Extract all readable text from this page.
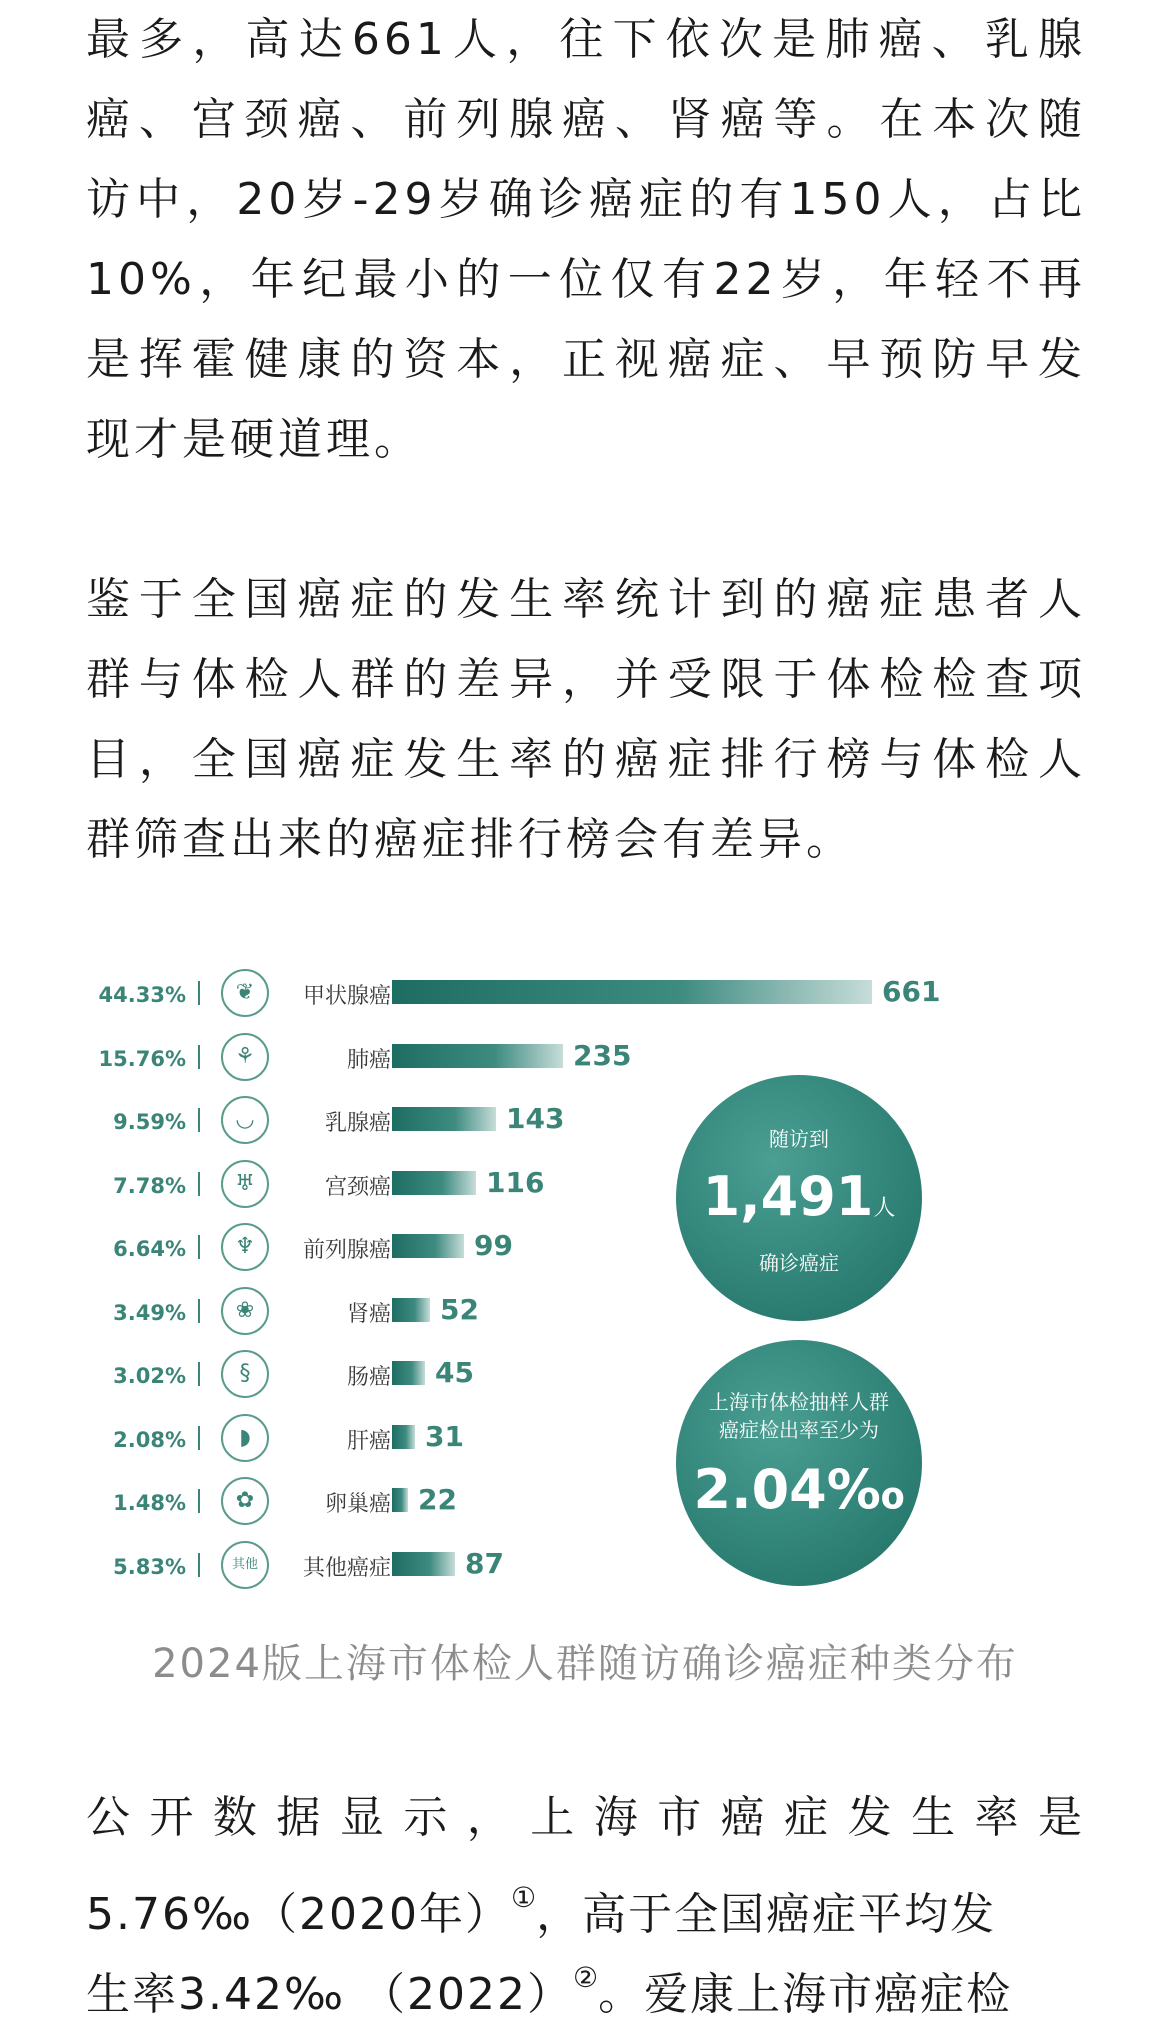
最多，高达661人，往下依次是肺癌、乳腺
癌、宫颈癌、前列腺癌、肾癌等。在本次随
访中，20岁-29岁确诊癌症的有150人，占比
10%，年纪最小的一位仅有22岁，年轻不再
是挥霍健康的资本，正视癌症、早预防早发
现才是硬道理。
鉴于全国癌症的发生率统计到的癌症患者人
群与体检人群的差异，并受限于体检检查项
目，全国癌症发生率的癌症排行榜与体检人
群筛查出来的癌症排行榜会有差异。
随访到
1,491人
确诊癌症
上海市体检抽样人群
癌症检出率至少为
2.04‰
44.33%	❦	甲状腺癌	661
15.76%	⚘	肺癌	235
9.59%	◡	乳腺癌	143
7.78%	♅	宫颈癌	116
6.64%	♆	前列腺癌	99
3.49%	❀	肾癌 52
3.02%	§	肠癌 45
2.08%	◗	肝癌 31
1.48%	✿	卵巢癌 22
5.83%	其他	其他癌症	87
2024版上海市体检人群随访确诊癌症种类分布
公开数据显示，上海市癌症发生率是
5.76‰（2020年）①，高于全国癌症平均发
生率3.42‰ （2022）②。爱康上海市癌症检
